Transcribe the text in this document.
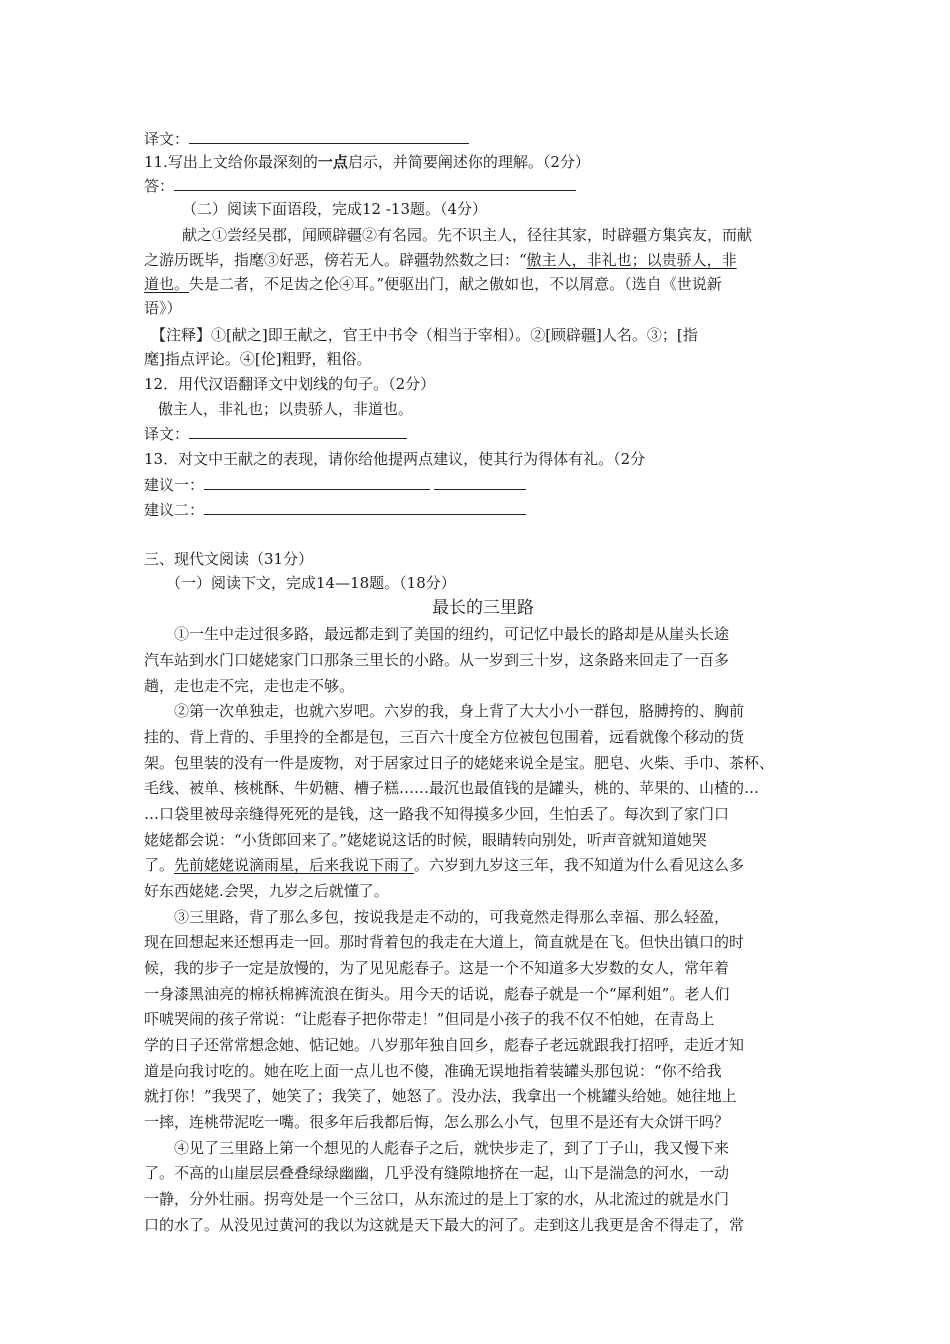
译文：
11.写出上文给你最深刻的一点启示，并简要阐述你的理解。（2分）
答：
（二）阅读下面语段，完成12 -13题。（4分）
献之①尝经吴郡，闻顾辟疆②有名园。先不识主人，径往其家，时辟疆方集宾友，而献
之游历既毕，指麾③好恶，傍若无人。辟疆勃然数之曰：“傲主人，非礼也；以贵骄人，非
道也。失是二者，不足齿之伦④耳。”便驱出门，献之傲如也，不以屑意。（选自《世说新
语》）
【注释】①[献之]即王献之，官王中书令（相当于宰相）。②[顾辟疆]人名。③；[指
麾]指点评论。④[伦]粗野，粗俗。
12．用代汉语翻译文中划线的句子。（2分）
傲主人，非礼也；以贵骄人，非道也。
译文：
13．对文中王献之的表现，请你给他提两点建议，使其行为得体有礼。（2分
建议一：
建议二：
三、现代文阅读（31分）
（一）阅读下文，完成14—18题。（18分）
最长的三里路
①一生中走过很多路，最远都走到了美国的纽约，可记忆中最长的路却是从崖头长途
汽车站到水门口姥姥家门口那条三里长的小路。从一岁到三十岁，这条路来回走了一百多
趟，走也走不完，走也走不够。
②第一次单独走，也就六岁吧。六岁的我，身上背了大大小小一群包，胳膊挎的、胸前
挂的、背上背的、手里拎的全都是包，三百六十度全方位被包包围着，远看就像个移动的货
架。包里装的没有一件是废物，对于居家过日子的姥姥来说全是宝。肥皂、火柴、手巾、茶杯、
毛线、被单、核桃酥、牛奶糖、槽子糕……最沉也最值钱的是罐头，桃的、苹果的、山楂的…
…口袋里被母亲缝得死死的是钱，这一路我不知得摸多少回，生怕丢了。每次到了家门口
姥姥都会说：“小货郎回来了。”姥姥说这话的时候，眼睛转向别处，听声音就知道她哭
了。先前姥姥说滴雨星，后来我说下雨了。六岁到九岁这三年，我不知道为什么看见这么多
好东西姥姥.会哭，九岁之后就懂了。
③三里路，背了那么多包，按说我是走不动的，可我竟然走得那么幸福、那么轻盈，
现在回想起来还想再走一回。那时背着包的我走在大道上，简直就是在飞。但快出镇口的时
候，我的步子一定是放慢的，为了见见彪春子。这是一个不知道多大岁数的女人，常年着
一身漆黑油亮的棉袄棉裤流浪在街头。用今天的话说，彪春子就是一个“犀利姐”。老人们
吓唬哭闹的孩子常说：“让彪春子把你带走！”但同是小孩子的我不仅不怕她，在青岛上
学的日子还常常想念她、惦记她。八岁那年独自回乡，彪春子老远就跟我打招呼，走近才知
道是向我讨吃的。她在吃上面一点儿也不傻，准确无误地指着装罐头那包说：“你不给我
就打你！”我哭了，她笑了；我笑了，她怒了。没办法，我拿出一个桃罐头给她。她往地上
一摔，连桃带泥吃一嘴。很多年后我都后悔，怎么那么小气，包里不是还有大众饼干吗？
④见了三里路上第一个想见的人彪春子之后，就快步走了，到了丁子山，我又慢下来
了。不高的山崖层层叠叠绿绿幽幽，几乎没有缝隙地挤在一起，山下是湍急的河水，一动
一静，分外壮丽。拐弯处是一个三岔口，从东流过的是上丁家的水，从北流过的就是水门
口的水了。从没见过黄河的我以为这就是天下最大的河了。走到这儿我更是舍不得走了，常
